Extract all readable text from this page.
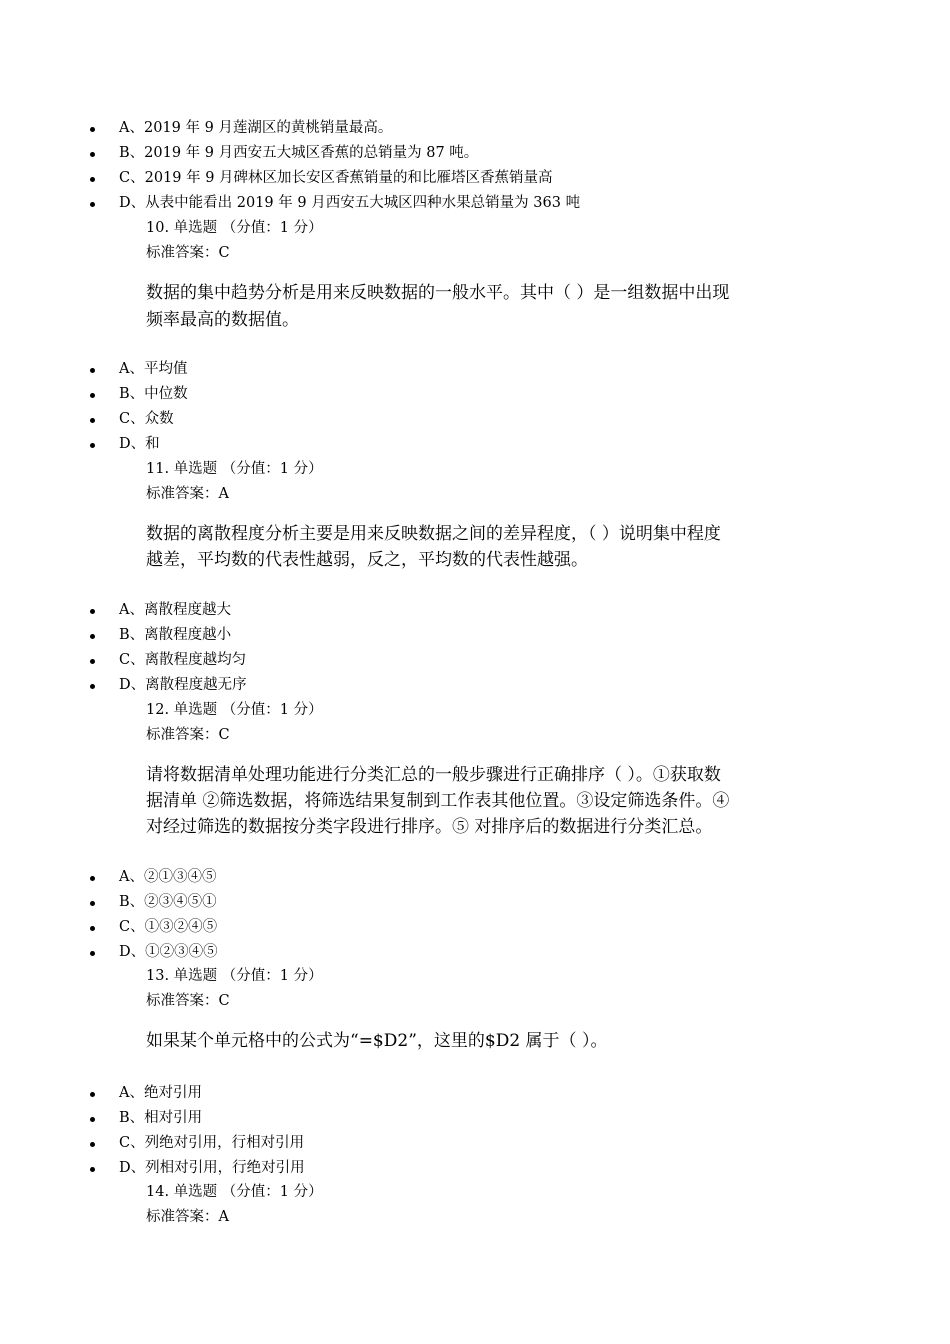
A、2019 年 9 月莲湖区的黄桃销量最高。
B、2019 年 9 月西安五大城区香蕉的总销量为 87 吨。
C、2019 年 9 月碑林区加长安区香蕉销量的和比雁塔区香蕉销量高
D、从表中能看出 2019 年 9 月西安五大城区四种水果总销量为 363 吨
10. 单选题 （分值：1 分）
标准答案：C
数据的集中趋势分析是用来反映数据的一般水平。其中（ ）是一组数据中出现
频率最高的数据值。
A、平均值
B、中位数
C、众数
D、和
11. 单选题 （分值：1 分）
标准答案：A
数据的离散程度分析主要是用来反映数据之间的差异程度，（ ）说明集中程度
越差，平均数的代表性越弱，反之，平均数的代表性越强。
A、离散程度越大
B、离散程度越小
C、离散程度越均匀
D、离散程度越无序
12. 单选题 （分值：1 分）
标准答案：C
请将数据清单处理功能进行分类汇总的一般步骤进行正确排序（ ）。①获取数
据清单 ②筛选数据，将筛选结果复制到工作表其他位置。③设定筛选条件。④
对经过筛选的数据按分类字段进行排序。⑤ 对排序后的数据进行分类汇总。
A、②①③④⑤
B、②③④⑤①
C、①③②④⑤
D、①②③④⑤
13. 单选题 （分值：1 分）
标准答案：C
如果某个单元格中的公式为“=$D2”，这里的$D2 属于（ ）。
A、绝对引用
B、相对引用
C、列绝对引用，行相对引用
D、列相对引用，行绝对引用
14. 单选题 （分值：1 分）
标准答案：A
